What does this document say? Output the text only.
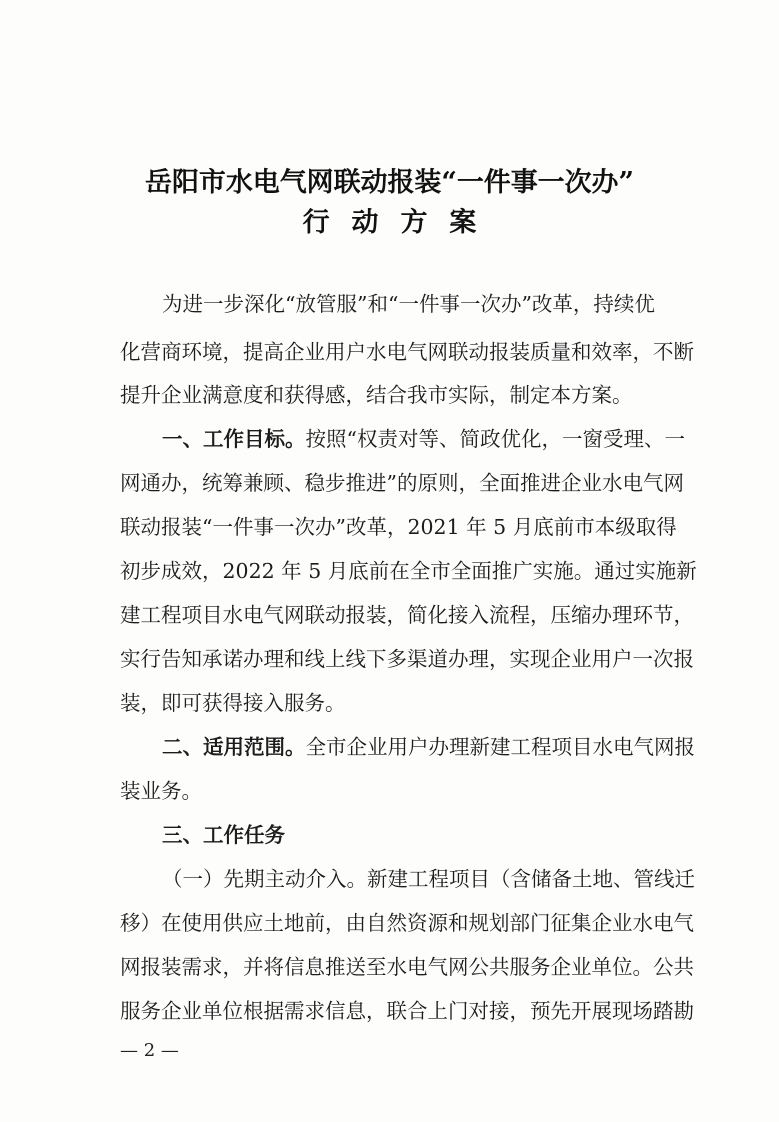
岳阳市水电气网联动报装“一件事一次办”
行动方案
为进一步深化“放管服”和“一件事一次办”改革，持续优
化营商环境，提高企业用户水电气网联动报装质量和效率，不断
提升企业满意度和获得感，结合我市实际，制定本方案。
一、工作目标。按照“权责对等、简政优化，一窗受理、一
网通办，统筹兼顾、稳步推进”的原则，全面推进企业水电气网
联动报装“一件事一次办”改革，2021 年 5 月底前市本级取得
初步成效，2022 年 5 月底前在全市全面推广实施。通过实施新
建工程项目水电气网联动报装，简化接入流程，压缩办理环节，
实行告知承诺办理和线上线下多渠道办理，实现企业用户一次报
装，即可获得接入服务。
二、适用范围。全市企业用户办理新建工程项目水电气网报
装业务。
三、工作任务
（一）先期主动介入。新建工程项目（含储备土地、管线迁
移）在使用供应土地前，由自然资源和规划部门征集企业水电气
网报装需求，并将信息推送至水电气网公共服务企业单位。公共
服务企业单位根据需求信息，联合上门对接，预先开展现场踏勘
— 2 —
